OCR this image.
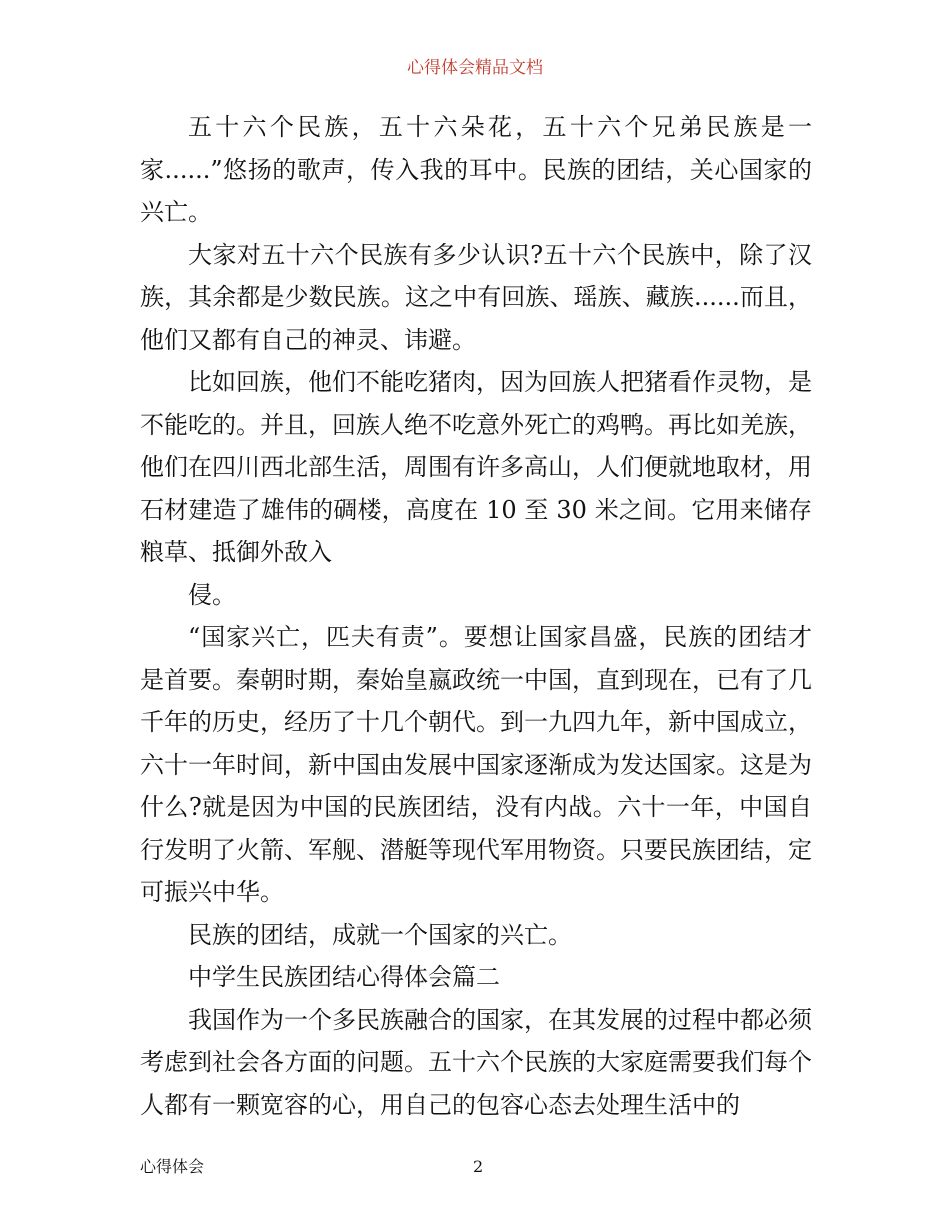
心得体会精品文档

五十六个民族，五十六朵花，五十六个兄弟民族是一家......”悠扬的歌声，传入我的耳中。民族的团结，关心国家的兴亡。

大家对五十六个民族有多少认识?五十六个民族中，除了汉族，其余都是少数民族。这之中有回族、瑶族、藏族......而且，他们又都有自己的神灵、讳避。

比如回族，他们不能吃猪肉，因为回族人把猪看作灵物，是不能吃的。并且，回族人绝不吃意外死亡的鸡鸭。再比如羌族，他们在四川西北部生活，周围有许多高山，人们便就地取材，用石材建造了雄伟的碉楼，高度在 10 至 30 米之间。它用来储存粮草、抵御外敌入

侵。

“国家兴亡，匹夫有责”。要想让国家昌盛，民族的团结才是首要。秦朝时期，秦始皇嬴政统一中国，直到现在，已有了几千年的历史，经历了十几个朝代。到一九四九年，新中国成立，六十一年时间，新中国由发展中国家逐渐成为发达国家。这是为什么?就是因为中国的民族团结，没有内战。六十一年，中国自行发明了火箭、军舰、潜艇等现代军用物资。只要民族团结，定可振兴中华。

民族的团结，成就一个国家的兴亡。

中学生民族团结心得体会篇二

我国作为一个多民族融合的国家，在其发展的过程中都必须考虑到社会各方面的问题。五十六个民族的大家庭需要我们每个人都有一颗宽容的心，用自己的包容心态去处理生活中的

心得体会	2
